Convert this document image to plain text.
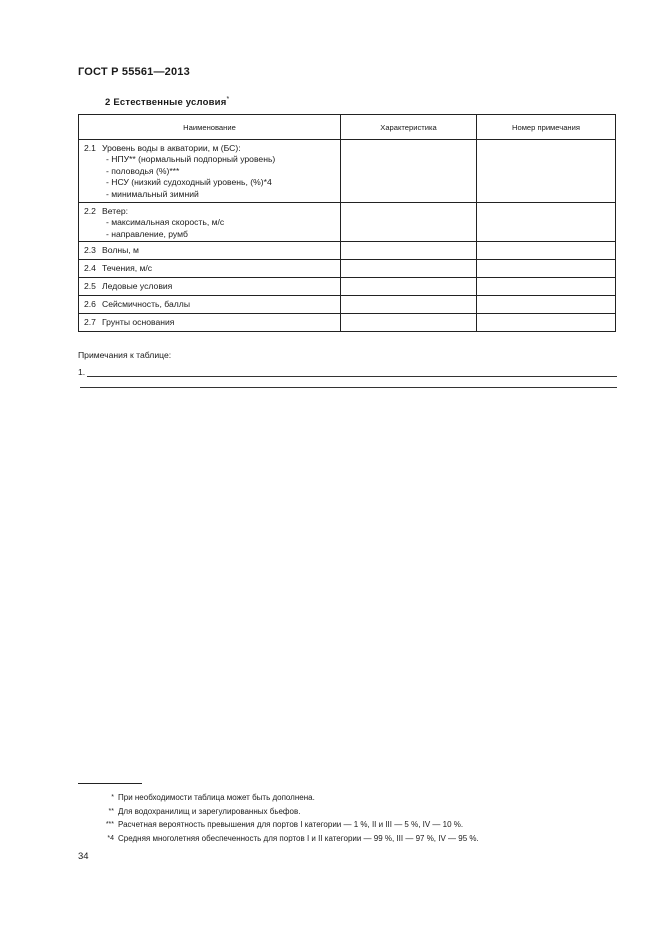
ГОСТ Р 55561—2013
2 Естественные условия*
Наименование	Характеристика	Номер примечания

2.1 Уровень воды в акватории, м (БС):
- НПУ** (нормальный подпорный уровень)
- половодья (%)***
- НСУ (низкий судоходный уровень, (%)*4
- минимальный зимний		

2.2 Ветер:
- максимальная скорость, м/с
- направление, румб		

2.3 Волны, м		

2.4 Течения, м/с		

2.5 Ледовые условия		

2.6 Сейсмичность, баллы		

2.7 Грунты основания		

Примечания к таблице:
1.
* При необходимости таблица может быть дополнена.
** Для водохранилищ и зарегулированных бьефов.
*** Расчетная вероятность превышения для портов I категории — 1 %, II и III — 5 %, IV — 10 %.
*4 Средняя многолетняя обеспеченность для портов I и II категории — 99 %, III — 97 %, IV — 95 %.
34
